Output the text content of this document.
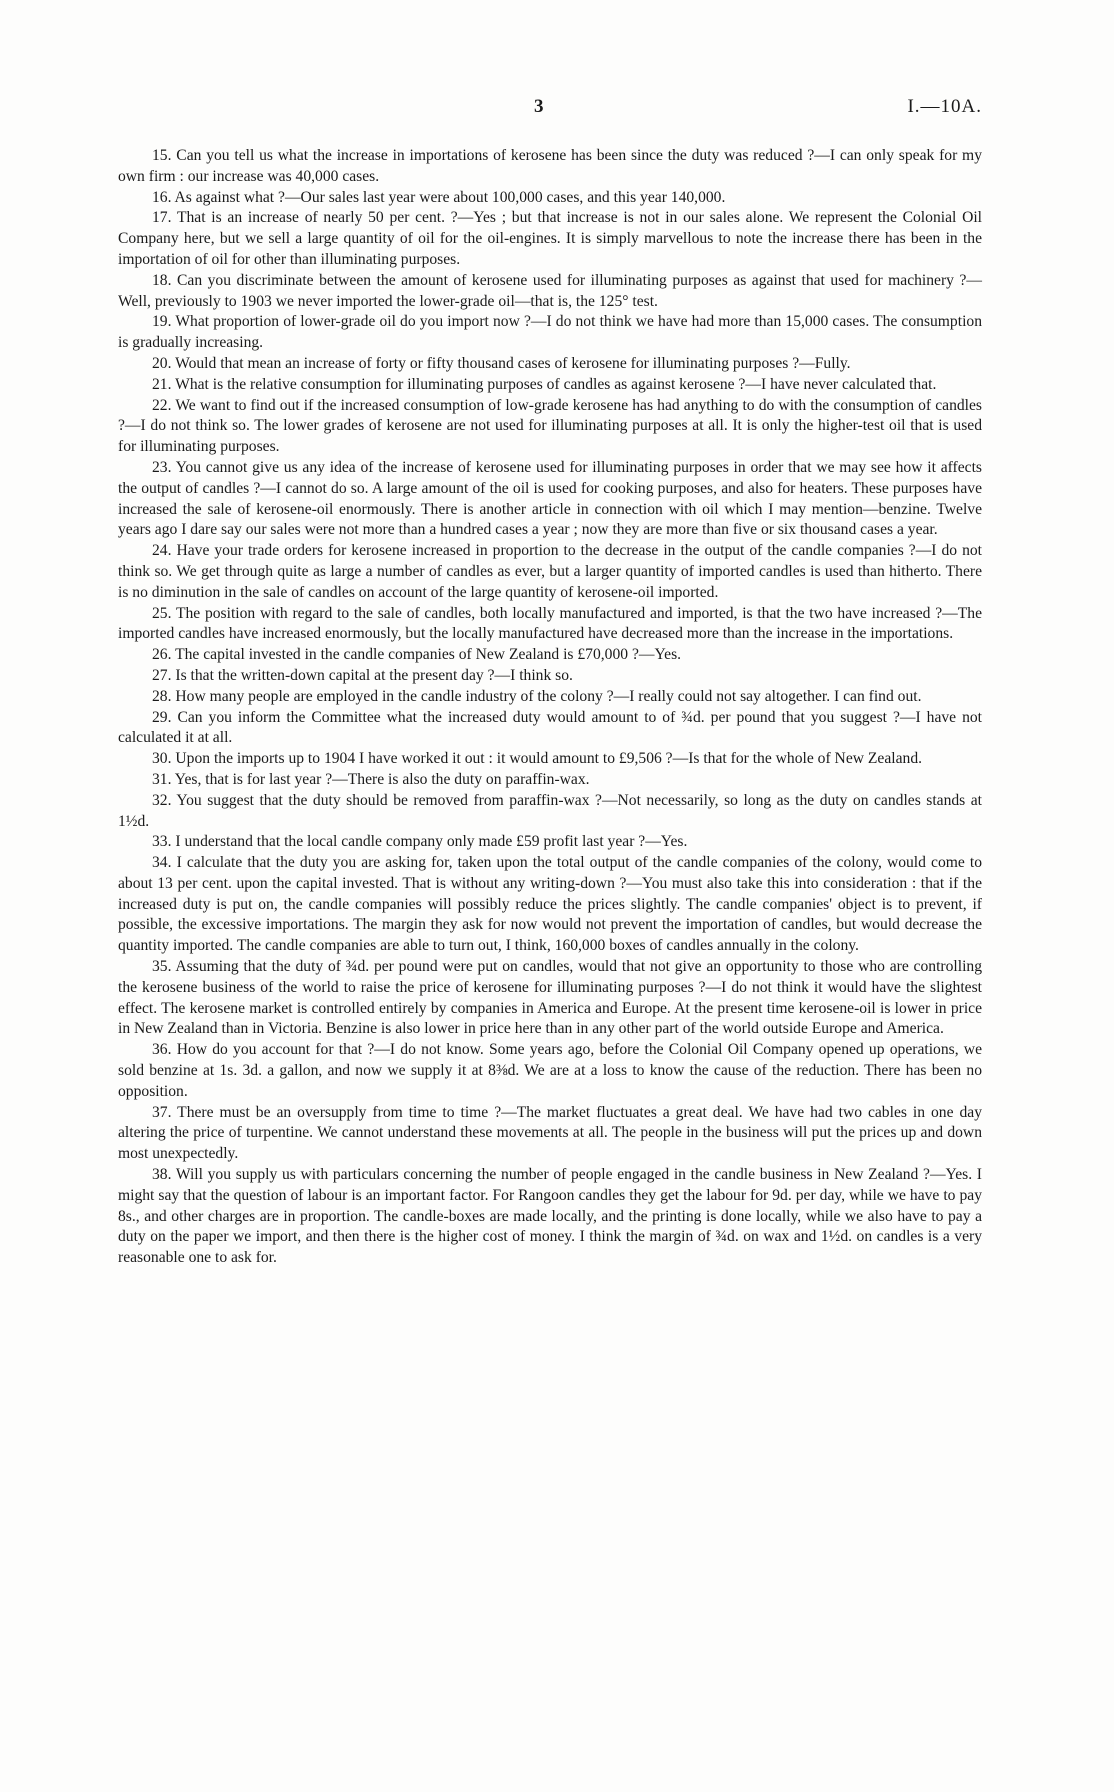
3	I.—10A.

15. Can you tell us what the increase in importations of kerosene has been since the duty was reduced ?—I can only speak for my own firm : our increase was 40,000 cases.

16. As against what ?—Our sales last year were about 100,000 cases, and this year 140,000.

17. That is an increase of nearly 50 per cent. ?—Yes ; but that increase is not in our sales alone. We represent the Colonial Oil Company here, but we sell a large quantity of oil for the oil-engines. It is simply marvellous to note the increase there has been in the importation of oil for other than illuminating purposes.

18. Can you discriminate between the amount of kerosene used for illuminating purposes as against that used for machinery ?—Well, previously to 1903 we never imported the lower-grade oil—that is, the 125° test.

19. What proportion of lower-grade oil do you import now ?—I do not think we have had more than 15,000 cases. The consumption is gradually increasing.

20. Would that mean an increase of forty or fifty thousand cases of kerosene for illuminating purposes ?—Fully.

21. What is the relative consumption for illuminating purposes of candles as against kerosene ?—I have never calculated that.

22. We want to find out if the increased consumption of low-grade kerosene has had anything to do with the consumption of candles ?—I do not think so. The lower grades of kerosene are not used for illuminating purposes at all. It is only the higher-test oil that is used for illuminating purposes.

23. You cannot give us any idea of the increase of kerosene used for illuminating purposes in order that we may see how it affects the output of candles ?—I cannot do so. A large amount of the oil is used for cooking purposes, and also for heaters. These purposes have increased the sale of kerosene-oil enormously. There is another article in connection with oil which I may mention—benzine. Twelve years ago I dare say our sales were not more than a hundred cases a year ; now they are more than five or six thousand cases a year.

24. Have your trade orders for kerosene increased in proportion to the decrease in the output of the candle companies ?—I do not think so. We get through quite as large a number of candles as ever, but a larger quantity of imported candles is used than hitherto. There is no diminution in the sale of candles on account of the large quantity of kerosene-oil imported.

25. The position with regard to the sale of candles, both locally manufactured and imported, is that the two have increased ?—The imported candles have increased enormously, but the locally manufactured have decreased more than the increase in the importations.

26. The capital invested in the candle companies of New Zealand is £70,000 ?—Yes.

27. Is that the written-down capital at the present day ?—I think so.

28. How many people are employed in the candle industry of the colony ?—I really could not say altogether. I can find out.

29. Can you inform the Committee what the increased duty would amount to of ¾d. per pound that you suggest ?—I have not calculated it at all.

30. Upon the imports up to 1904 I have worked it out : it would amount to £9,506 ?—Is that for the whole of New Zealand.

31. Yes, that is for last year ?—There is also the duty on paraffin-wax.

32. You suggest that the duty should be removed from paraffin-wax ?—Not necessarily, so long as the duty on candles stands at 1½d.

33. I understand that the local candle company only made £59 profit last year ?—Yes.

34. I calculate that the duty you are asking for, taken upon the total output of the candle companies of the colony, would come to about 13 per cent. upon the capital invested. That is without any writing-down ?—You must also take this into consideration : that if the increased duty is put on, the candle companies will possibly reduce the prices slightly. The candle companies' object is to prevent, if possible, the excessive importations. The margin they ask for now would not prevent the importation of candles, but would decrease the quantity imported. The candle companies are able to turn out, I think, 160,000 boxes of candles annually in the colony.

35. Assuming that the duty of ¾d. per pound were put on candles, would that not give an opportunity to those who are controlling the kerosene business of the world to raise the price of kerosene for illuminating purposes ?—I do not think it would have the slightest effect. The kerosene market is controlled entirely by companies in America and Europe. At the present time kerosene-oil is lower in price in New Zealand than in Victoria. Benzine is also lower in price here than in any other part of the world outside Europe and America.

36. How do you account for that ?—I do not know. Some years ago, before the Colonial Oil Company opened up operations, we sold benzine at 1s. 3d. a gallon, and now we supply it at 8⅜d. We are at a loss to know the cause of the reduction. There has been no opposition.

37. There must be an oversupply from time to time ?—The market fluctuates a great deal. We have had two cables in one day altering the price of turpentine. We cannot understand these movements at all. The people in the business will put the prices up and down most unexpectedly.

38. Will you supply us with particulars concerning the number of people engaged in the candle business in New Zealand ?—Yes. I might say that the question of labour is an important factor. For Rangoon candles they get the labour for 9d. per day, while we have to pay 8s., and other charges are in proportion. The candle-boxes are made locally, and the printing is done locally, while we also have to pay a duty on the paper we import, and then there is the higher cost of money. I think the margin of ¾d. on wax and 1½d. on candles is a very reasonable one to ask for.
